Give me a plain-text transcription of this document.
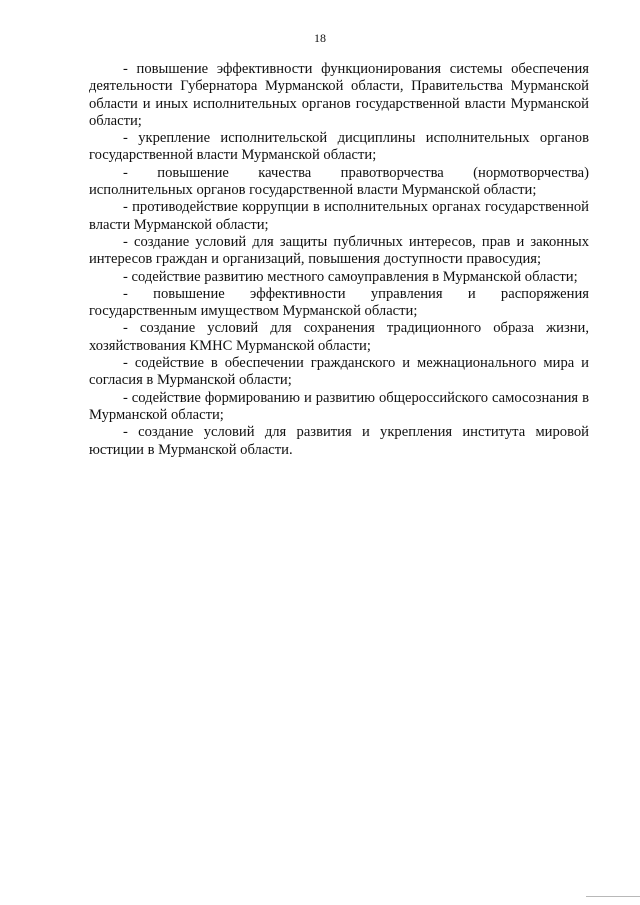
18

- повышение эффективности функционирования системы обеспечения деятельности Губернатора Мурманской области, Правительства Мурманской области и иных исполнительных органов государственной власти Мурманской области;

- укрепление исполнительской дисциплины исполнительных органов государственной власти Мурманской области;

- повышение качества правотворчества (нормотворчества) исполнительных органов государственной власти Мурманской области;

- противодействие коррупции в исполнительных органах государственной власти Мурманской области;

- создание условий для защиты публичных интересов, прав и законных интересов граждан и организаций, повышения доступности правосудия;

- содействие развитию местного самоуправления в Мурманской области;

- повышение эффективности управления и распоряжения государственным имуществом Мурманской области;

- создание условий для сохранения традиционного образа жизни, хозяйствования КМНС Мурманской области;

- содействие в обеспечении гражданского и межнационального мира и согласия в Мурманской области;

- содействие формированию и развитию общероссийского самосознания в Мурманской области;

- создание условий для развития и укрепления института мировой юстиции в Мурманской области.
